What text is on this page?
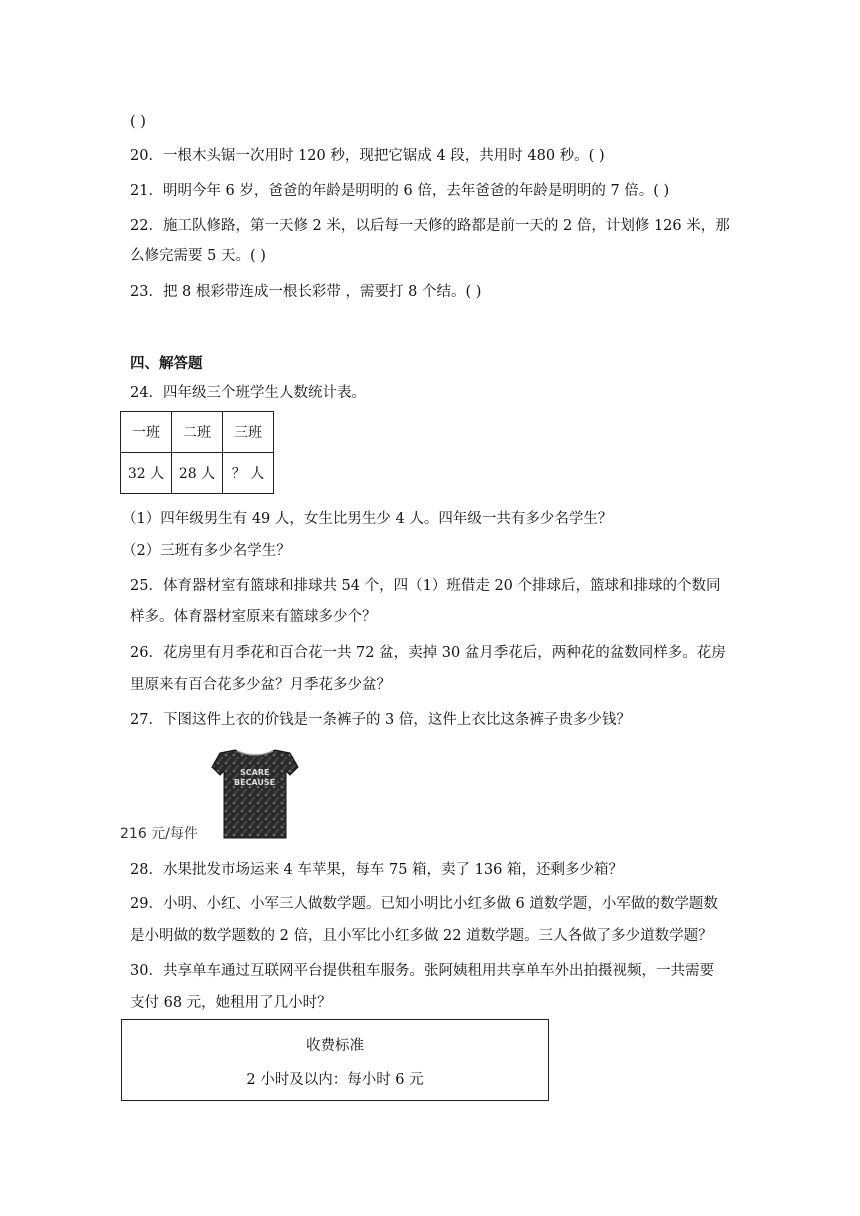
( )
20．一根木头锯一次用时 120 秒，现把它锯成 4 段，共用时 480 秒。( )
21．明明今年 6 岁，爸爸的年龄是明明的 6 倍，去年爸爸的年龄是明明的 7 倍。( )
22．施工队修路，第一天修 2 米，以后每一天修的路都是前一天的 2 倍，计划修 126 米，那
么修完需要 5 天。( )
23．把 8 根彩带连成一根长彩带 ，需要打 8 个结。( )
四、解答题
24．四年级三个班学生人数统计表。
一班	二班	三班
32 人	28 人	？ 人
（1）四年级男生有 49 人，女生比男生少 4 人。四年级一共有多少名学生？
（2）三班有多少名学生？
25．体育器材室有篮球和排球共 54 个，四（1）班借走 20 个排球后，篮球和排球的个数同
样多。体育器材室原来有篮球多少个？
26．花房里有月季花和百合花一共 72 盆，卖掉 30 盆月季花后，两种花的盆数同样多。花房
里原来有百合花多少盆？月季花多少盆？
27．下图这件上衣的价钱是一条裤子的 3 倍，这件上衣比这条裤子贵多少钱？
SCARE
BECAUSE
216 元/每件
28．水果批发市场运来 4 车苹果，每车 75 箱，卖了 136 箱，还剩多少箱？
29．小明、小红、小军三人做数学题。已知小明比小红多做 6 道数学题，小军做的数学题数
是小明做的数学题数的 2 倍，且小军比小红多做 22 道数学题。三人各做了多少道数学题？
30．共享单车通过互联网平台提供租车服务。张阿姨租用共享单车外出拍摄视频，一共需要
支付 68 元，她租用了几小时？
收费标准
2 小时及以内：每小时 6 元
